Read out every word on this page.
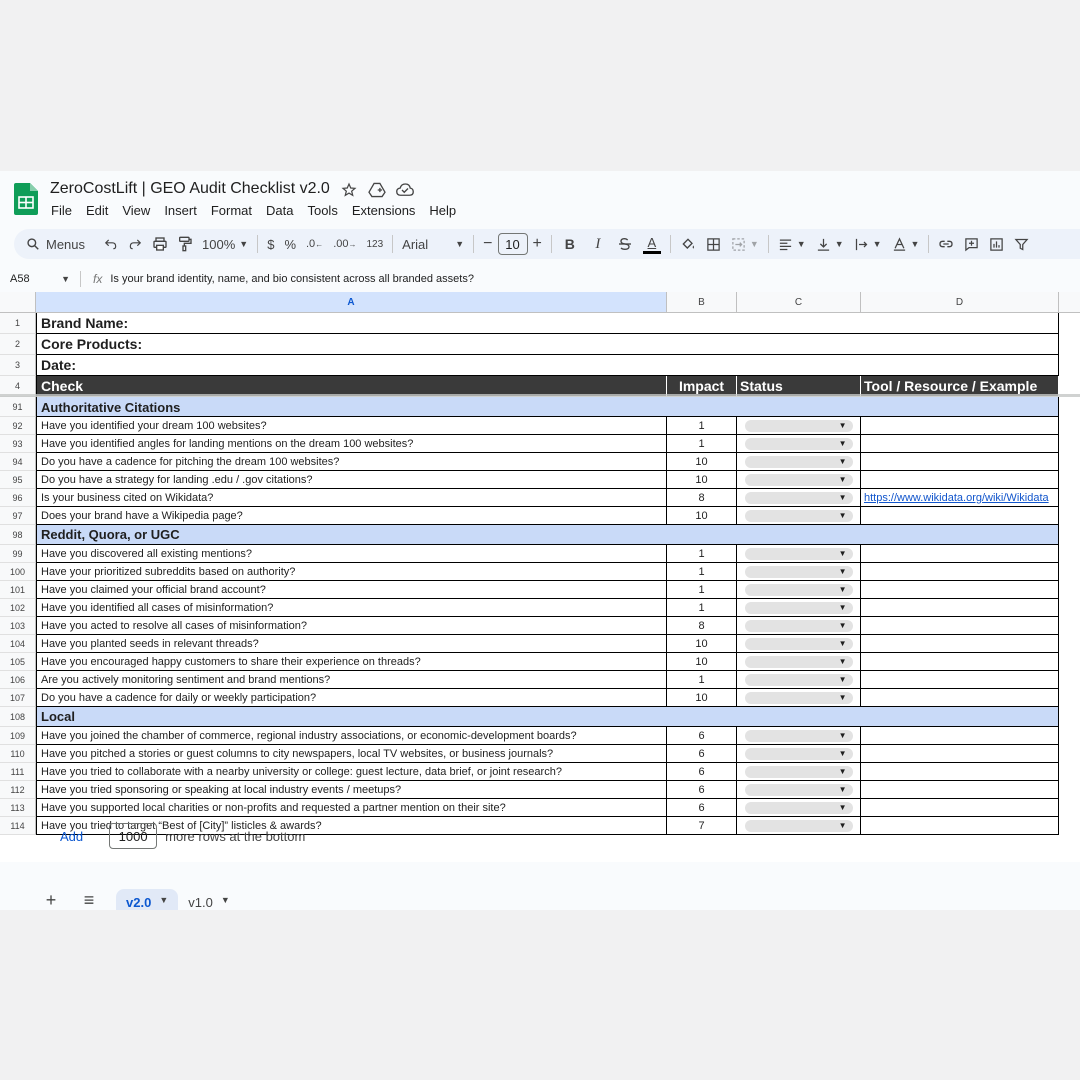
ZeroCostLift | GEO Audit Checklist v2.0
File	Edit	View	Insert	Format	Data	Tools	Extensions	Help
Menus	100% ▼	$ % .0 ← .00 →	123	Arial	▼	− 10 +	B	I	A	▼	▼	▼	▼	▼
A58	▼ fx Is your brand identity, name, and bio consistent across all branded assets?
A	B	C	D
1	Brand Name:
2	Core Products:
3	Date:
4	Check	Impact	Status	Tool / Resource / Example
91	Authoritative Citations
92	Have you identified your dream 100 websites?	1	▼
93	Have you identified angles for landing mentions on the dream 100 websites?	1	▼
94	Do you have a cadence for pitching the dream 100 websites?	10	▼
95	Do you have a strategy for landing .edu / .gov citations?	10	▼
96	Is your business cited on Wikidata?	8	▼ https://www.wikidata.org/wiki/Wikidata
97	Does your brand have a Wikipedia page?	10	▼
98	Reddit, Quora, or UGC
99	Have you discovered all existing mentions?	1	▼
100	Have your prioritized subreddits based on authority?	1	▼
101	Have you claimed your official brand account?	1	▼
102	Have you identified all cases of misinformation?	1	▼
103	Have you acted to resolve all cases of misinformation?	8	▼
104	Have you planted seeds in relevant threads?	10	▼
105	Have you encouraged happy customers to share their experience on threads?	10	▼
106	Are you actively monitoring sentiment and brand mentions?	1	▼
107	Do you have a cadence for daily or weekly participation?	10	▼
108	Local
109	Have you joined the chamber of commerce, regional industry associations, or economic-development boards?	6	▼
110	Have you pitched a stories or guest columns to city newspapers, local TV websites, or business journals?	6	▼
111	Have you tried to collaborate with a nearby university or college: guest lecture, data brief, or joint research?	6	▼
112	Have you tried sponsoring or speaking at local industry events / meetups?	6	▼
113	Have you supported local charities or non-profits and requested a partner mention on their site?	6	▼
114	Have you tried to target “Best of [City]” listicles & awards?	7	▼
Add	1000	more rows at the bottom
+	≡	v2.0 ▼ v1.0 ▼
